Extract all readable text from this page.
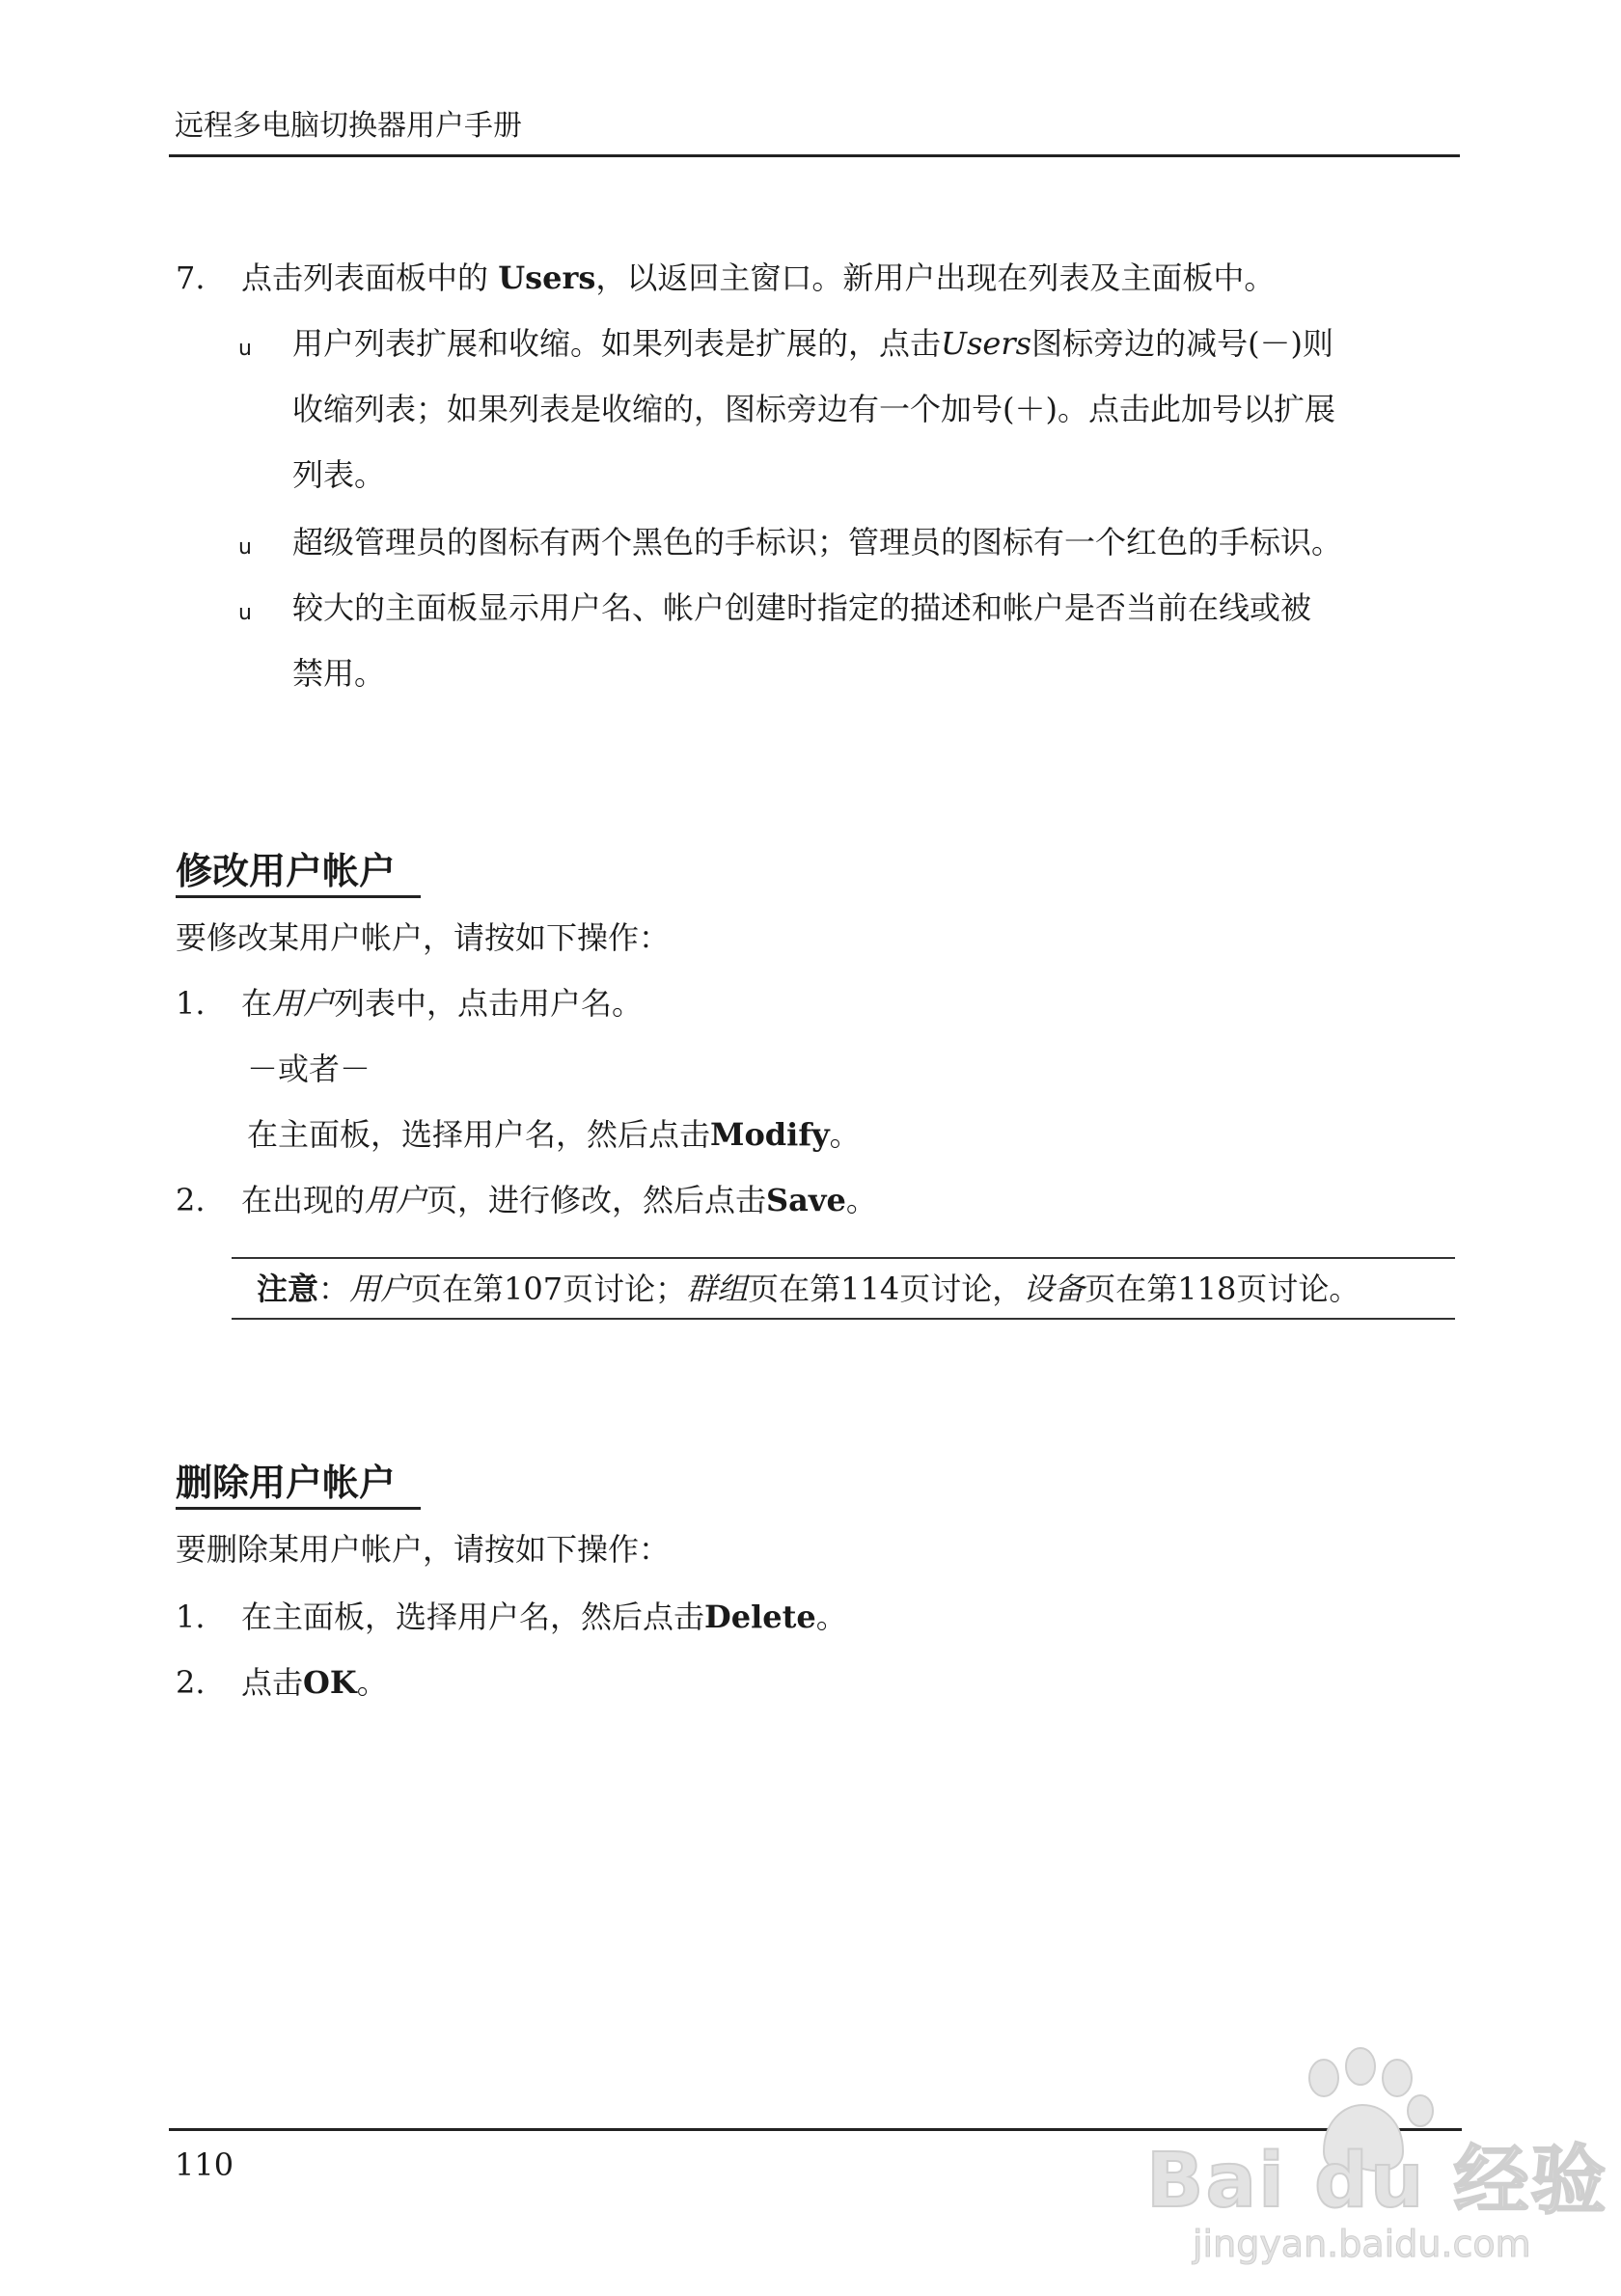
远程多电脑切换器用户手册
7. 点击列表面板中的 Users，以返回主窗口。新用户出现在列表及主面板中。
u 用户列表扩展和收缩。如果列表是扩展的，点击Users图标旁边的减号(－)则
收缩列表；如果列表是收缩的，图标旁边有一个加号(＋)。点击此加号以扩展
列表。
u 超级管理员的图标有两个黑色的手标识；管理员的图标有一个红色的手标识。
u 较大的主面板显示用户名、帐户创建时指定的描述和帐户是否当前在线或被
禁用。
修改用户帐户
要修改某用户帐户，请按如下操作：
1. 在用户列表中，点击用户名。
－或者－
在主面板，选择用户名，然后点击Modify。
2. 在出现的用户页，进行修改，然后点击Save。
注意：用户页在第107页讨论；群组页在第114页讨论，设备页在第118页讨论。
删除用户帐户
要删除某用户帐户，请按如下操作：
1. 在主面板，选择用户名，然后点击Delete。
2. 点击OK。
110	Bai du 经验
jingyan.baidu.com
